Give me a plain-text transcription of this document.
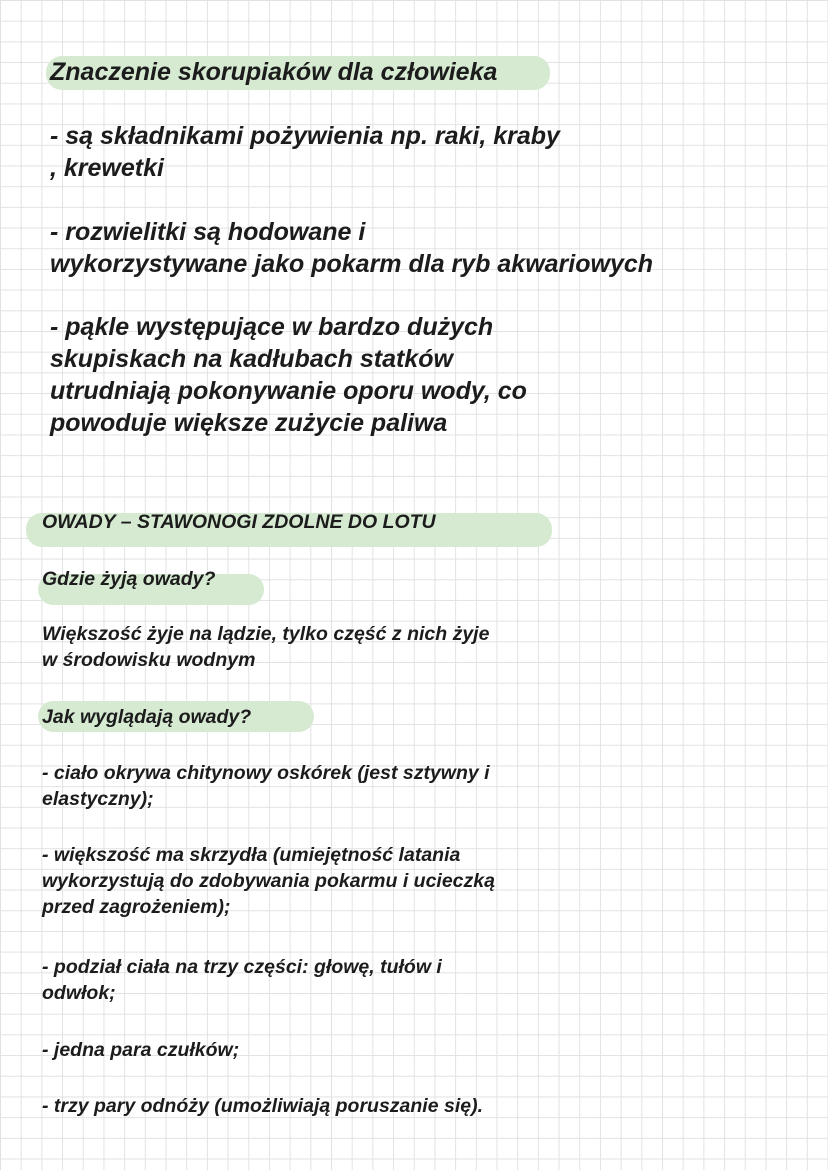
Znaczenie skorupiaków dla człowieka
- są składnikami pożywienia np. raki, kraby
, krewetki
- rozwielitki są hodowane i
wykorzystywane jako pokarm dla ryb akwariowych
- pąkle występujące w bardzo dużych
skupiskach na kadłubach statków
utrudniają pokonywanie oporu wody, co
powoduje większe zużycie paliwa
OWADY – STAWONOGI ZDOLNE DO LOTU
Gdzie żyją owady?
Większość żyje na lądzie, tylko część z nich żyje
w środowisku wodnym
Jak wyglądają owady?
- ciało okrywa chitynowy oskórek (jest sztywny i
elastyczny);
- większość ma skrzydła (umiejętność latania
wykorzystują do zdobywania pokarmu i ucieczką
przed zagrożeniem);
- podział ciała na trzy części: głowę, tułów i
odwłok;
- jedna para czułków;
- trzy pary odnóży (umożliwiają poruszanie się).
